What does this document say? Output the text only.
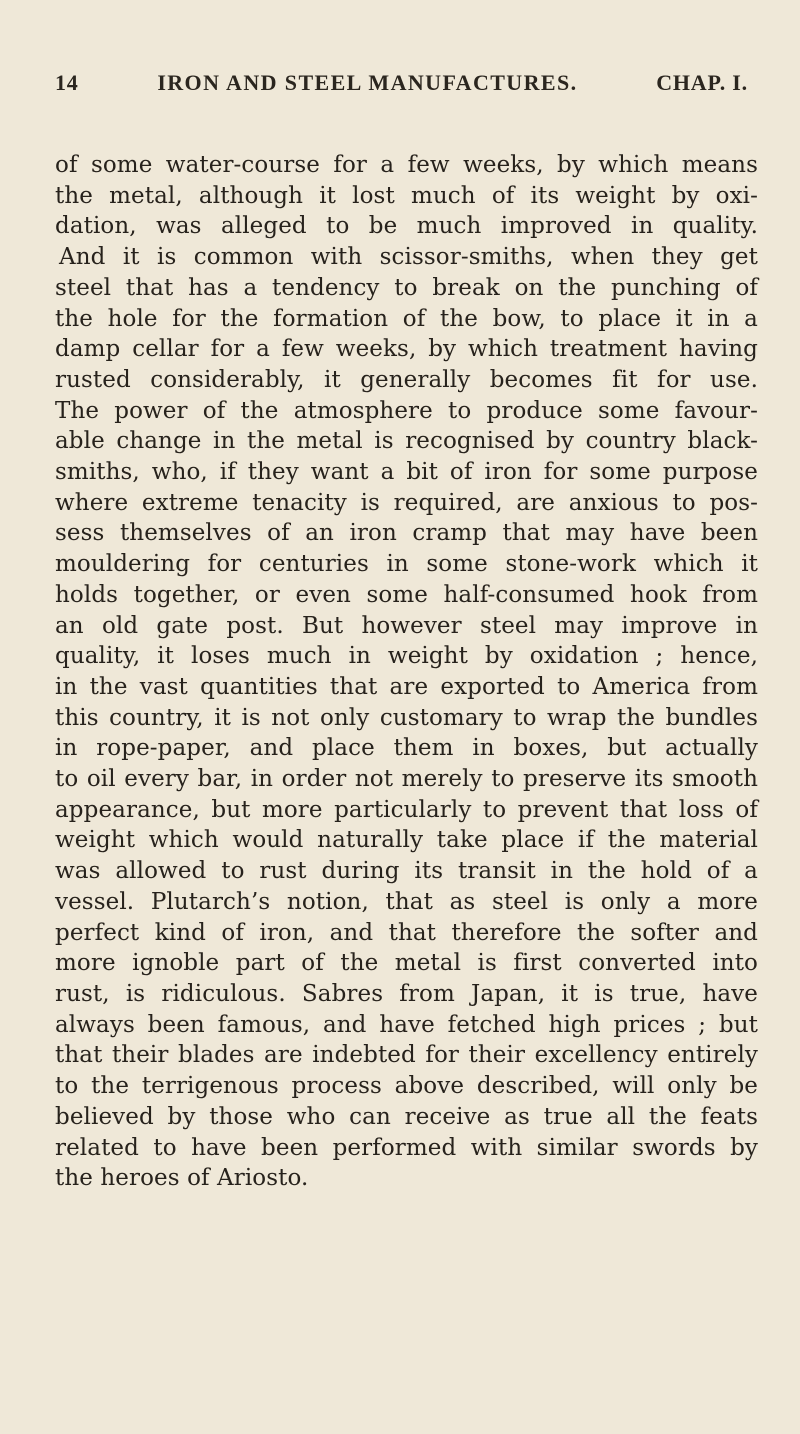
14	IRON AND STEEL MANUFACTURES.	CHAP. I.
of some water-course for a few weeks, by which means
the metal, although it lost much of its weight by oxi-
dation, was alleged to be much improved in quality.
And it is common with scissor-smiths, when they get
steel that has a tendency to break on the punching of
the hole for the formation of the bow, to place it in a
damp cellar for a few weeks, by which treatment having
rusted considerably, it generally becomes fit for use.
The power of the atmosphere to produce some favour-
able change in the metal is recognised by country black-
smiths, who, if they want a bit of iron for some purpose
where extreme tenacity is required, are anxious to pos-
sess themselves of an iron cramp that may have been
mouldering for centuries in some stone-work which it
holds together, or even some half-consumed hook from
an old gate post. But however steel may improve in
quality, it loses much in weight by oxidation ; hence,
in the vast quantities that are exported to America from
this country, it is not only customary to wrap the bundles
in rope-paper, and place them in boxes, but actually
to oil every bar, in order not merely to preserve its smooth
appearance, but more particularly to prevent that loss of
weight which would naturally take place if the material
was allowed to rust during its transit in the hold of a
vessel. Plutarch’s notion, that as steel is only a more
perfect kind of iron, and that therefore the softer and
more ignoble part of the metal is first converted into
rust, is ridiculous. Sabres from Japan, it is true, have
always been famous, and have fetched high prices ; but
that their blades are indebted for their excellency entirely
to the terrigenous process above described, will only be
believed by those who can receive as true all the feats
related to have been performed with similar swords by
the heroes of Ariosto.
